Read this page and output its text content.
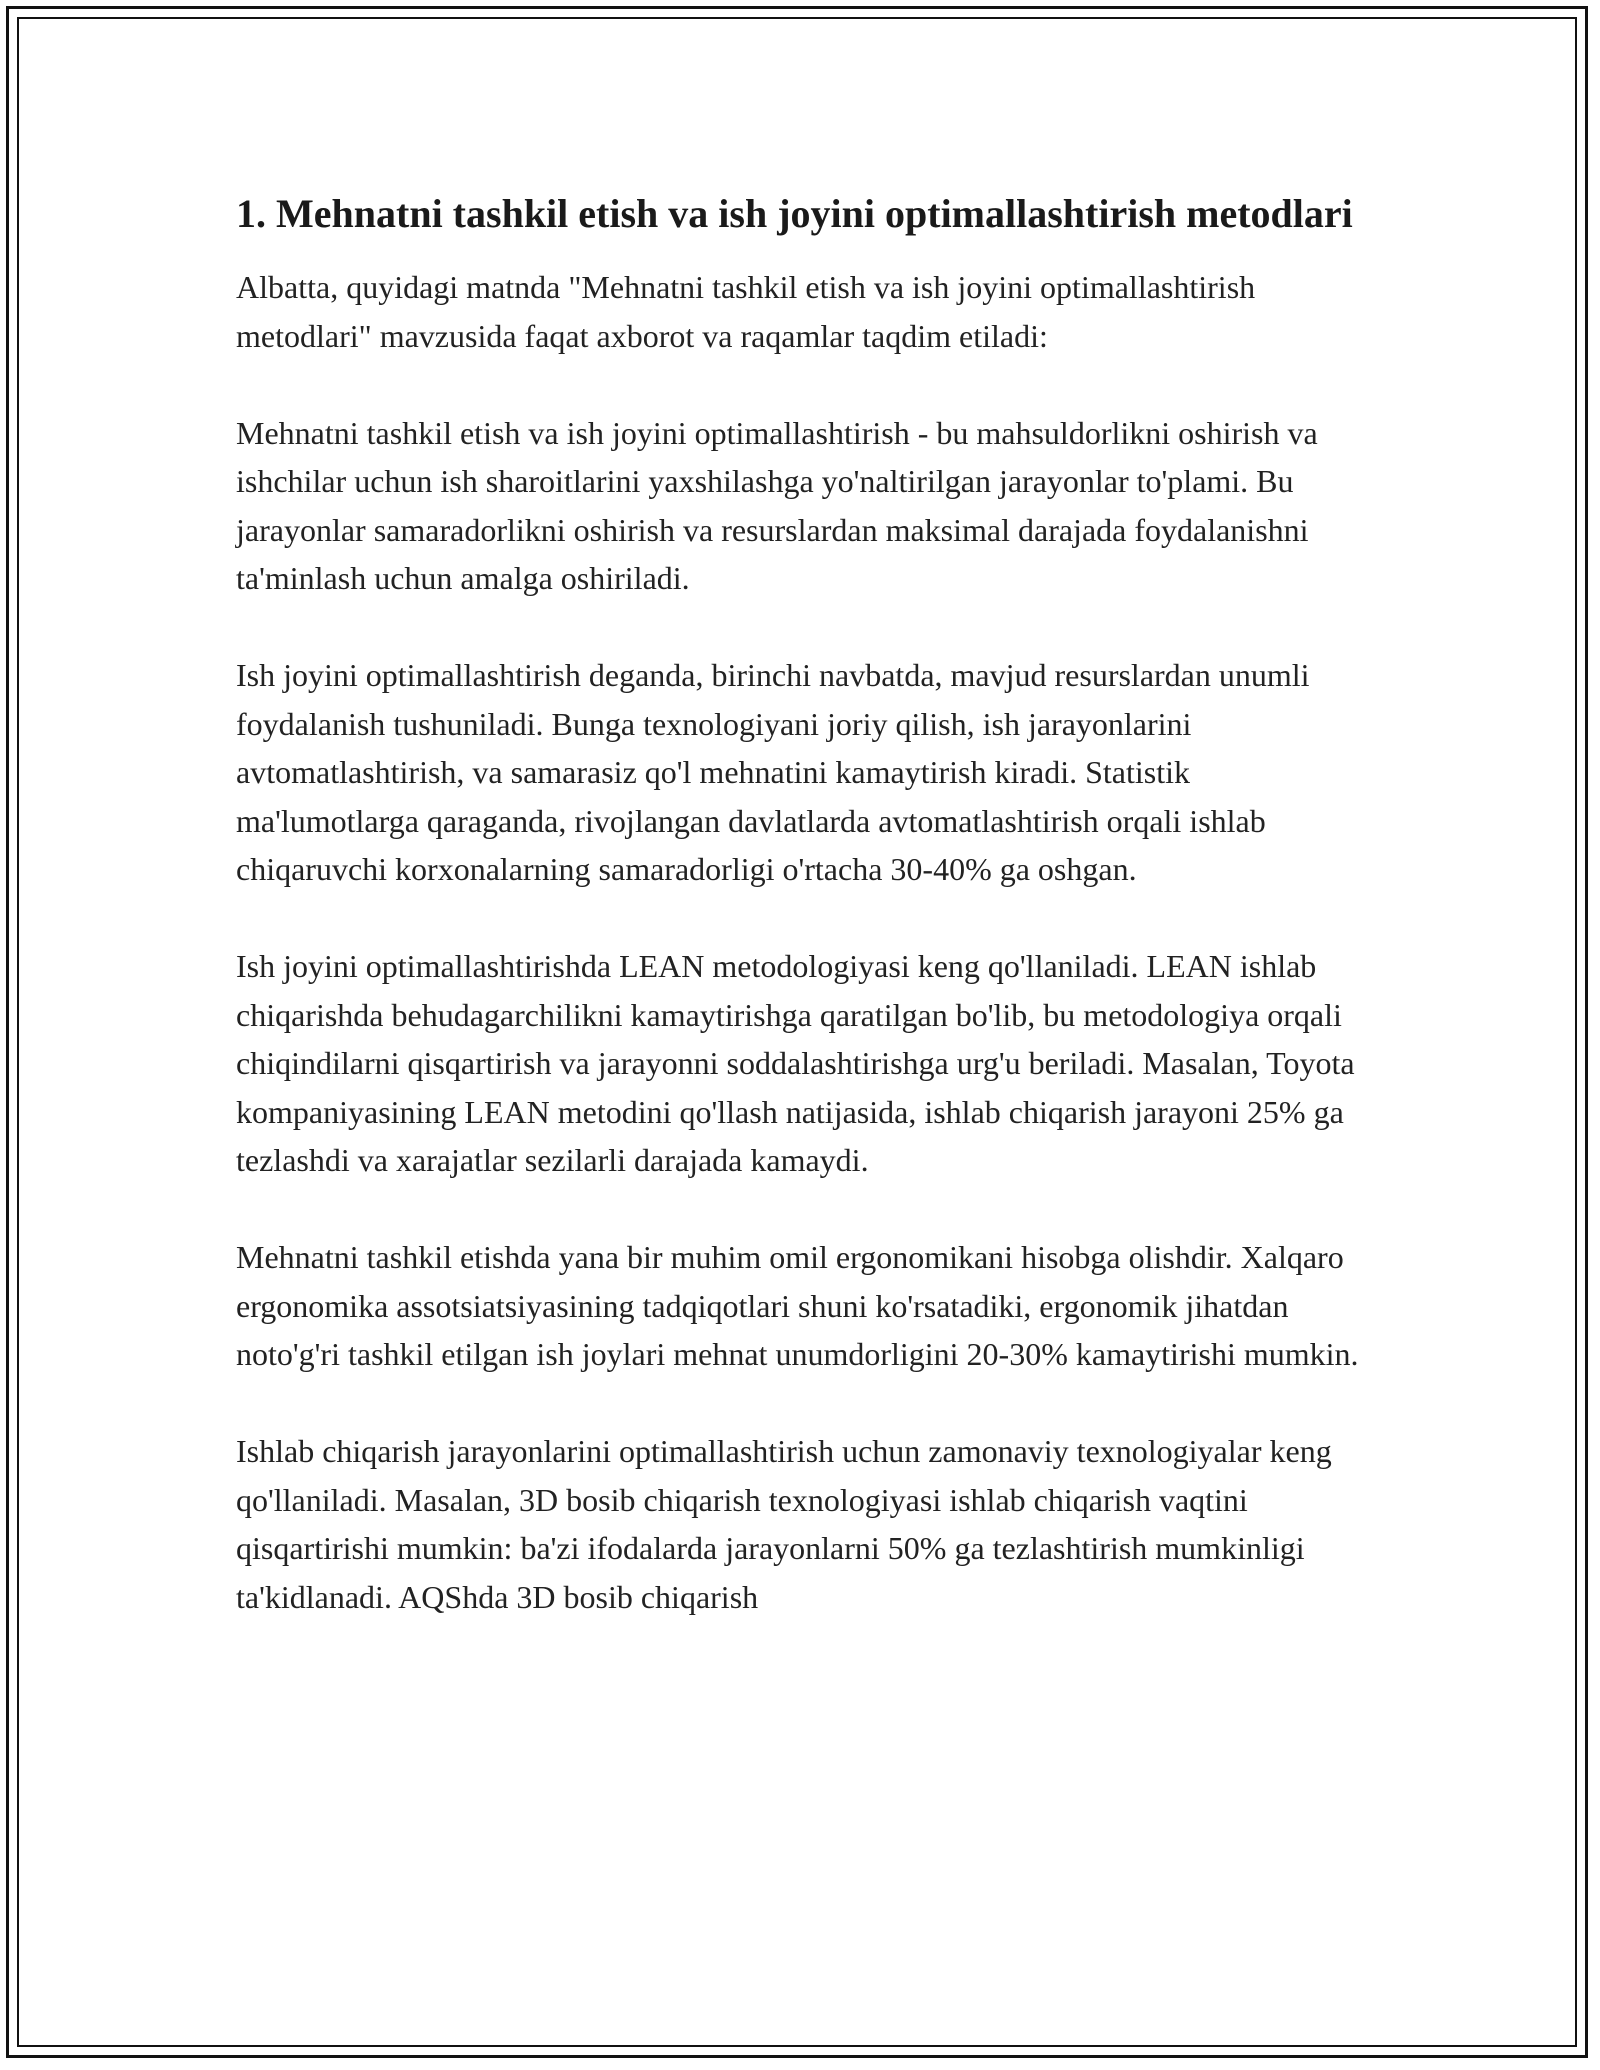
1. Mehnatni tashkil etish va ish joyini optimallashtirish metodlari

Albatta, quyidagi matnda "Mehnatni tashkil etish va ish joyini optimallashtirish metodlari" mavzusida faqat axborot va raqamlar taqdim etiladi:

Mehnatni tashkil etish va ish joyini optimallashtirish - bu mahsuldorlikni oshirish va ishchilar uchun ish sharoitlarini yaxshilashga yo'naltirilgan jarayonlar to'plami. Bu jarayonlar samaradorlikni oshirish va resurslardan maksimal darajada foydalanishni ta'minlash uchun amalga oshiriladi.

Ish joyini optimallashtirish deganda, birinchi navbatda, mavjud resurslardan unumli foydalanish tushuniladi. Bunga texnologiyani joriy qilish, ish jarayonlarini avtomatlashtirish, va samarasiz qo'l mehnatini kamaytirish kiradi. Statistik ma'lumotlarga qaraganda, rivojlangan davlatlarda avtomatlashtirish orqali ishlab chiqaruvchi korxonalarning samaradorligi o'rtacha 30-40% ga oshgan.

Ish joyini optimallashtirishda LEAN metodologiyasi keng qo'llaniladi. LEAN ishlab chiqarishda behudagarchilikni kamaytirishga qaratilgan bo'lib, bu metodologiya orqali chiqindilarni qisqartirish va jarayonni soddalashtirishga urg'u beriladi. Masalan, Toyota kompaniyasining LEAN metodini qo'llash natijasida, ishlab chiqarish jarayoni 25% ga tezlashdi va xarajatlar sezilarli darajada kamaydi.

Mehnatni tashkil etishda yana bir muhim omil ergonomikani hisobga olishdir. Xalqaro ergonomika assotsiatsiyasining tadqiqotlari shuni ko'rsatadiki, ergonomik jihatdan noto'g'ri tashkil etilgan ish joylari mehnat unumdorligini 20-30% kamaytirishi mumkin.

Ishlab chiqarish jarayonlarini optimallashtirish uchun zamonaviy texnologiyalar keng qo'llaniladi. Masalan, 3D bosib chiqarish texnologiyasi ishlab chiqarish vaqtini qisqartirishi mumkin: ba'zi ifodalarda jarayonlarni 50% ga tezlashtirish mumkinligi ta'kidlanadi. AQShda 3D bosib chiqarish
